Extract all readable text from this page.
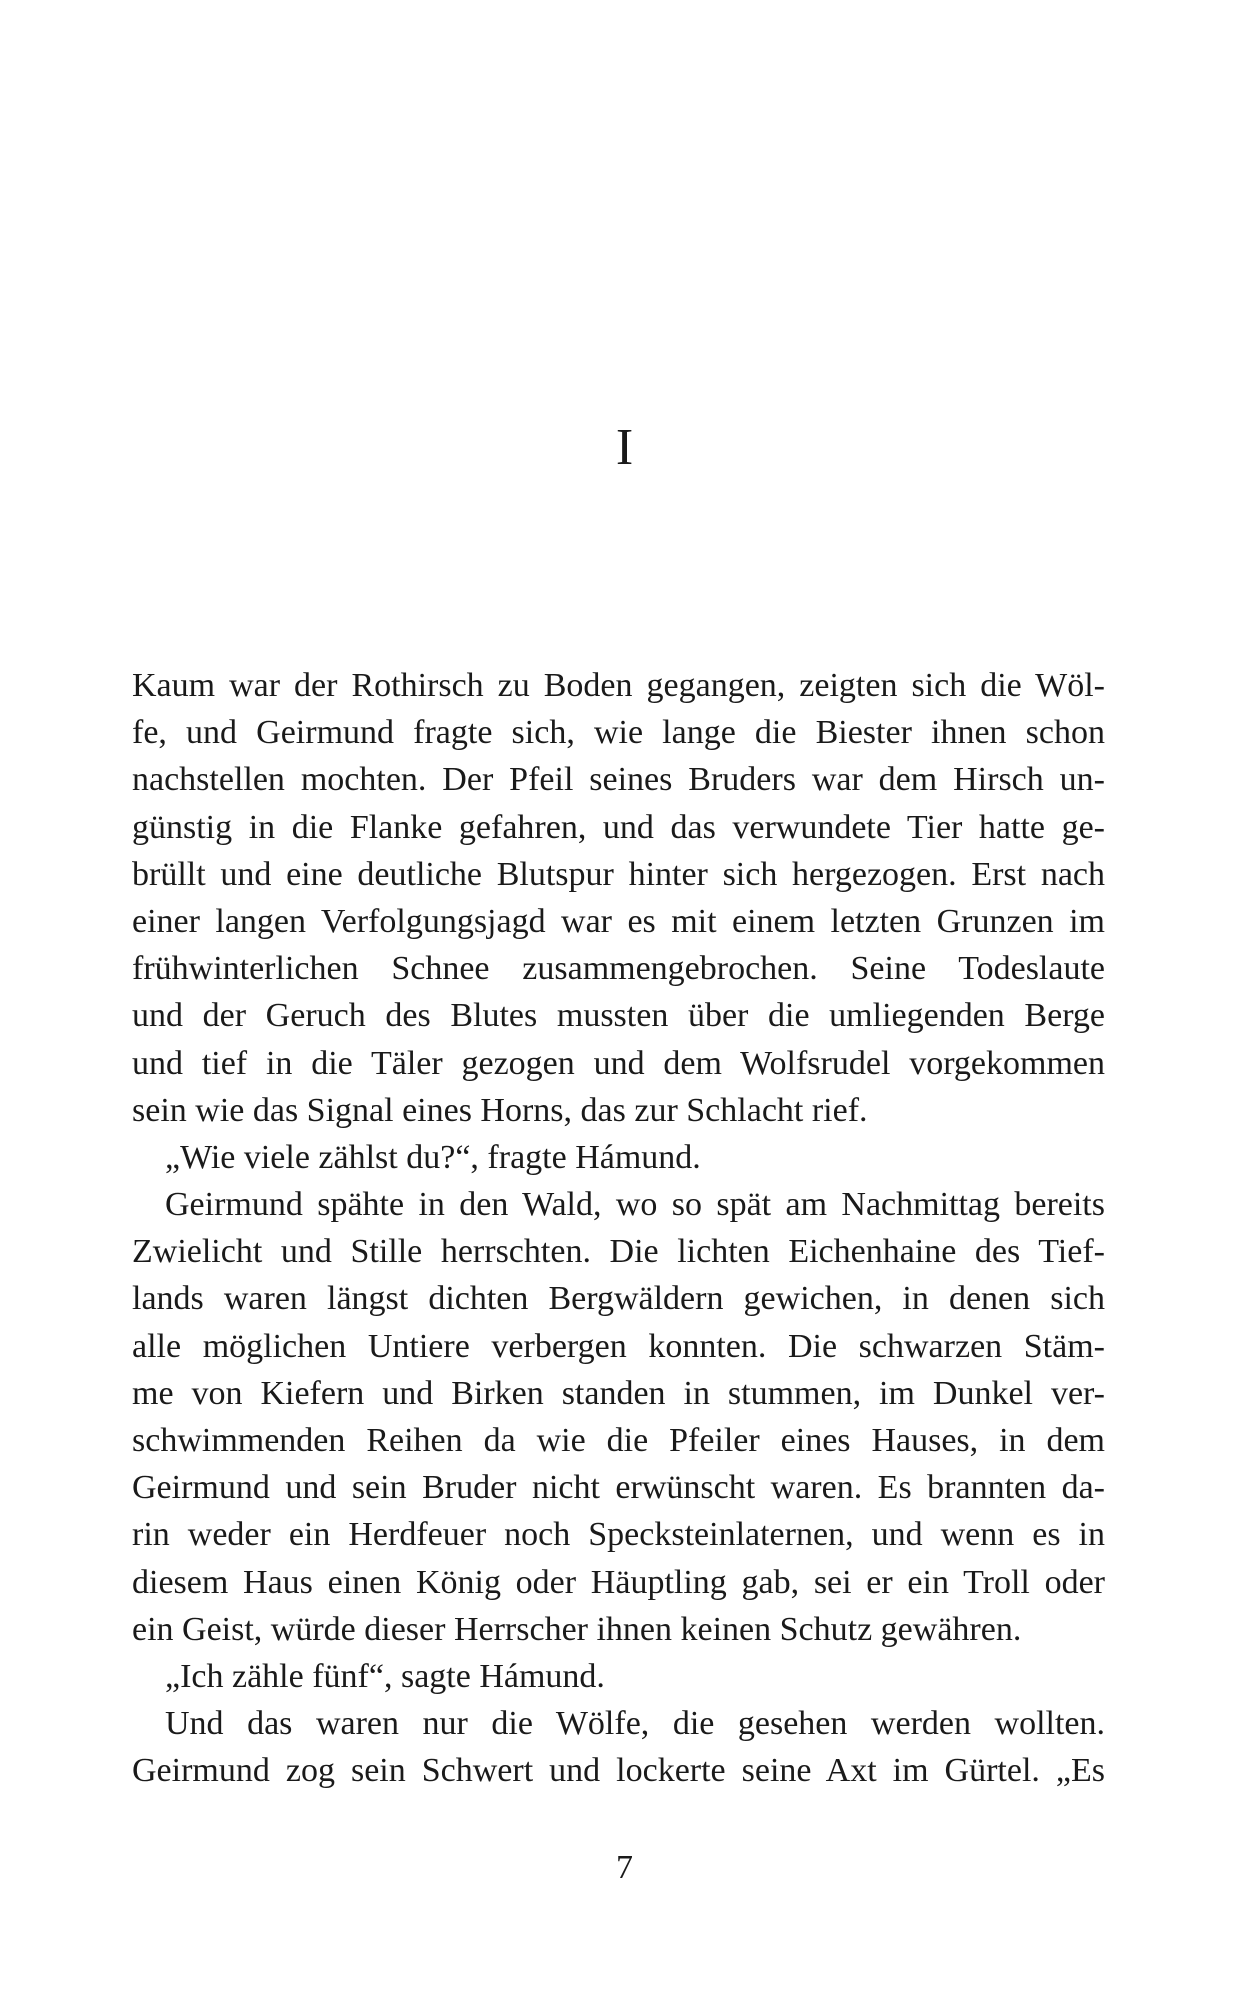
I
Kaum war der Rothirsch zu Boden gegangen, zeigten sich die Wöl-
fe, und Geirmund fragte sich, wie lange die Biester ihnen schon
nachstellen mochten. Der Pfeil seines Bruders war dem Hirsch un-
günstig in die Flanke gefahren, und das verwundete Tier hatte ge-
brüllt und eine deutliche Blutspur hinter sich hergezogen. Erst nach
einer langen Verfolgungsjagd war es mit einem letzten Grunzen im
frühwinterlichen Schnee zusammengebrochen. Seine Todeslaute
und der Geruch des Blutes mussten über die umliegenden Berge
und tief in die Täler gezogen und dem Wolfsrudel vorgekommen
sein wie das Signal eines Horns, das zur Schlacht rief.
„Wie viele zählst du?“, fragte Hámund.
Geirmund spähte in den Wald, wo so spät am Nachmittag bereits
Zwielicht und Stille herrschten. Die lichten Eichenhaine des Tief-
lands waren längst dichten Bergwäldern gewichen, in denen sich
alle möglichen Untiere verbergen konnten. Die schwarzen Stäm-
me von Kiefern und Birken standen in stummen, im Dunkel ver-
schwimmenden Reihen da wie die Pfeiler eines Hauses, in dem
Geirmund und sein Bruder nicht erwünscht waren. Es brannten da-
rin weder ein Herdfeuer noch Specksteinlaternen, und wenn es in
diesem Haus einen König oder Häuptling gab, sei er ein Troll oder
ein Geist, würde dieser Herrscher ihnen keinen Schutz gewähren.
„Ich zähle fünf“, sagte Hámund.
Und das waren nur die Wölfe, die gesehen werden wollten.
Geirmund zog sein Schwert und lockerte seine Axt im Gürtel. „Es
7
